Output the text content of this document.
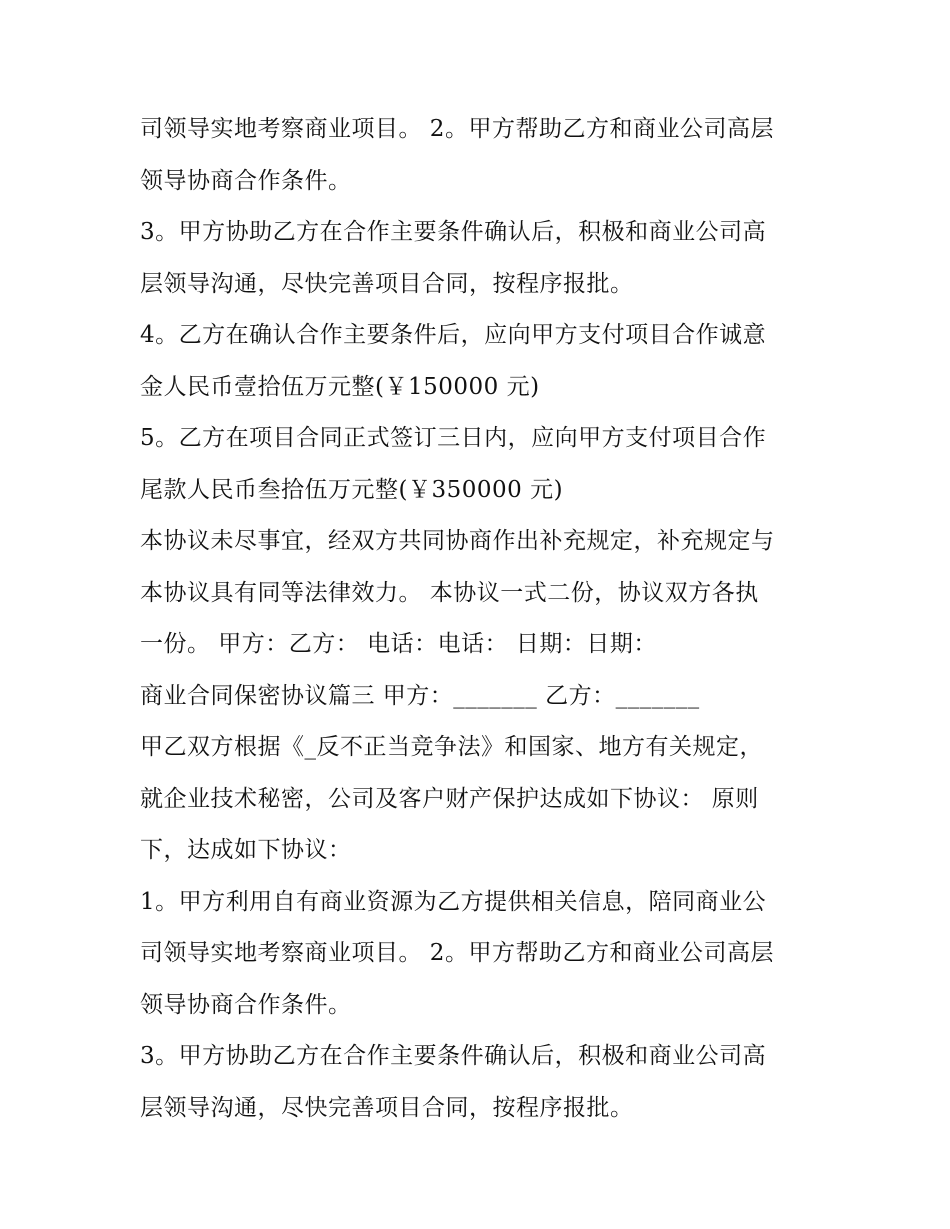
司领导实地考察商业项目。 2。甲方帮助乙方和商业公司高层
领导协商合作条件。
3。甲方协助乙方在合作主要条件确认后，积极和商业公司高
层领导沟通，尽快完善项目合同，按程序报批。
4。乙方在确认合作主要条件后，应向甲方支付项目合作诚意
金人民币壹拾伍万元整(￥150000 元)
5。乙方在项目合同正式签订三日内，应向甲方支付项目合作
尾款人民币叁拾伍万元整(￥350000 元)
本协议未尽事宜，经双方共同协商作出补充规定，补充规定与
本协议具有同等法律效力。 本协议一式二份，协议双方各执
一份。 甲方：乙方： 电话：电话： 日期：日期：
商业合同保密协议篇三 甲方：_______ 乙方：_______
甲乙双方根据《_反不正当竞争法》和国家、地方有关规定，
就企业技术秘密，公司及客户财产保护达成如下协议： 原则
下，达成如下协议：
1。甲方利用自有商业资源为乙方提供相关信息，陪同商业公
司领导实地考察商业项目。 2。甲方帮助乙方和商业公司高层
领导协商合作条件。
3。甲方协助乙方在合作主要条件确认后，积极和商业公司高
层领导沟通，尽快完善项目合同，按程序报批。
